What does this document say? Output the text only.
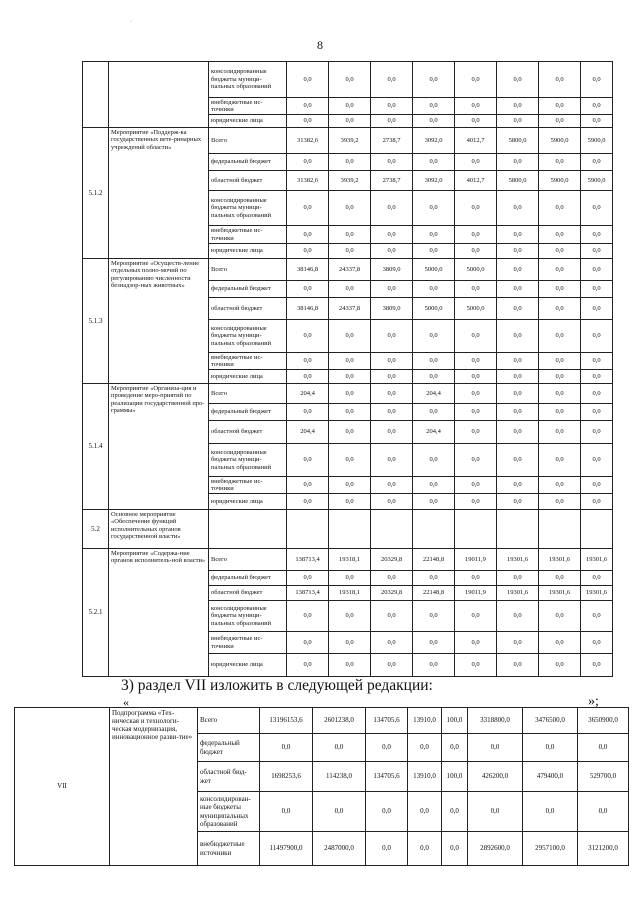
·
8
		консолидированные бюджеты муници-пальных образований	0,0	0,0	0,0	0,0	0,0	0,0	0,0	0,0
		внебюджетные ис-точники	0,0	0,0	0,0	0,0	0,0	0,0	0,0	0,0
		юридические лица	0,0	0,0	0,0	0,0	0,0	0,0	0,0	0,0
5.1.2	Мероприятие «Поддерж-ка государственных вете-ринарных учреждений области»	Всего	31382,6	3939,2	2738,7	3092,0	4012,7	5800,0	5900,0	5900,0
		федеральный бюджет	0,0	0,0	0,0	0,0	0,0	0,0	0,0	0,0
		областной бюджет	31382,6	3939,2	2738,7	3092,0	4012,7	5800,0	5900,0	5900,0
		консолидированные бюджеты муници-пальных образований	0,0	0,0	0,0	0,0	0,0	0,0	0,0	0,0
		внебюджетные ис-точники	0,0	0,0	0,0	0,0	0,0	0,0	0,0	0,0
		юридические лица	0,0	0,0	0,0	0,0	0,0	0,0	0,0	0,0
5.1.3	Мероприятие «Осуществ-ление отдельных полно-мочий по регулированию численности безнадзор-ных животных»	Всего	38146,8	24337,8	3809,0	5000,0	5000,0	0,0	0,0	0,0
		федеральный бюджет	0,0	0,0	0,0	0,0	0,0	0,0	0,0	0,0
		областной бюджет	38146,8	24337,8	3809,0	5000,0	5000,0	0,0	0,0	0,0
		консолидированные бюджеты муници-пальных образований	0,0	0,0	0,0	0,0	0,0	0,0	0,0	0,0
		внебюджетные ис-точники	0,0	0,0	0,0	0,0	0,0	0,0	0,0	0,0
		юридические лица	0,0	0,0	0,0	0,0	0,0	0,0	0,0	0,0
5.1.4	Мероприятие «Организа-ция и проведение меро-приятий по реализации государственной про-граммы»	Всего	204,4	0,0	0,0	204,4	0,0	0,0	0,0	0,0
		федеральный бюджет	0,0	0,0	0,0	0,0	0,0	0,0	0,0	0,0
		областной бюджет	204,4	0,0	0,0	204,4	0,0	0,0	0,0	0,0
		консолидированные бюджеты муници-пальных образований	0,0	0,0	0,0	0,0	0,0	0,0	0,0	0,0
		внебюджетные ис-точники	0,0	0,0	0,0	0,0	0,0	0,0	0,0	0,0
		юридические лица	0,0	0,0	0,0	0,0	0,0	0,0	0,0	0,0
5.2	Основное мероприятие «Обеспечение функций исполнительных органов государственной власти»									
5.2.1	Мероприятие «Содержа-ние органов исполнитель-ной власти»	Всего	138713,4	19318,1	20329,8	22148,8	19011,9	19301,6	19301,6	19301,6
		федеральный бюджет	0,0	0,0	0,0	0,0	0,0	0,0	0,0	0,0
		областной бюджет	138713,4	19318,1	20329,8	22148,8	19011,9	19301,6	19301,6	19301,6
		консолидированные бюджеты муници-пальных образований	0,0	0,0	0,0	0,0	0,0	0,0	0,0	0,0
		внебюджетные ис-точники	0,0	0,0	0,0	0,0	0,0	0,0	0,0	0,0
		юридические лица	0,0	0,0	0,0	0,0	0,0	0,0	0,0	0,0
3) раздел VII изложить в следующей редакции:
«	»;
VII	Подпрограмма «Тех-ническая и технологи-ческая модернизация, инновационное разви-тие»	Всего	13196153,6	2601238,0	134705,6	13910,0	100,0	3318800,0	3476500,0	3650900,0
		федеральный бюджет	0,0	0,0	0,0	0,0	0,0	0,0	0,0	0,0
		областной бюд-жет	1698253,6	114238,0	134705,6	13910,0	100,0	426200,0	479400,0	529700,0
		консолидирован-ные бюджеты муниципальных образований	0,0	0,0	0,0	0,0	0,0	0,0	0,0	0,0
		внебюджетные источники	11497900,0	2487000,0	0,0	0,0	0,0	2892600,0	2957100,0	3121200,0
